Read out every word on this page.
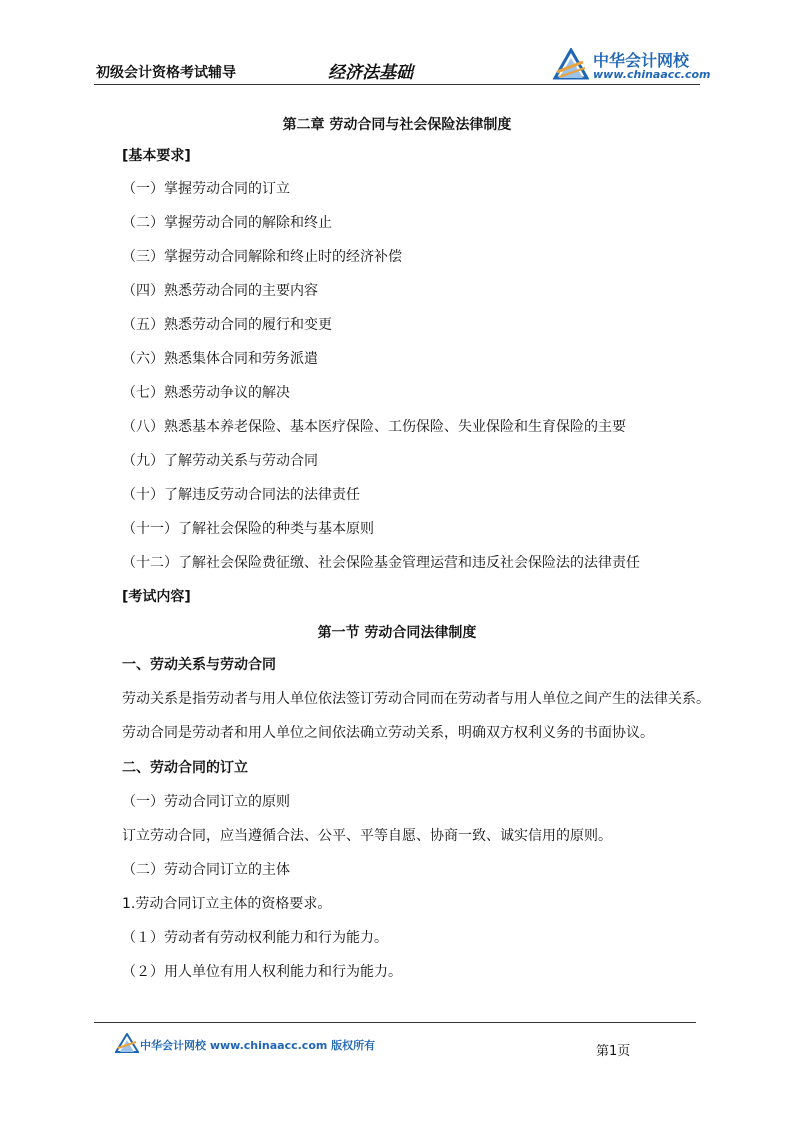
初级会计资格考试辅导	经济法基础
中华会计网校
www.chinaacc.com
第二章 劳动合同与社会保险法律制度
[基本要求]
（一）掌握劳动合同的订立
（二）掌握劳动合同的解除和终止
（三）掌握劳动合同解除和终止时的经济补偿
（四）熟悉劳动合同的主要内容
（五）熟悉劳动合同的履行和变更
（六）熟悉集体合同和劳务派遣
（七）熟悉劳动争议的解决
（八）熟悉基本养老保险、基本医疗保险、工伤保险、失业保险和生育保险的主要
（九）了解劳动关系与劳动合同
（十）了解违反劳动合同法的法律责任
（十一）了解社会保险的种类与基本原则
（十二）了解社会保险费征缴、社会保险基金管理运营和违反社会保险法的法律责任
[考试内容]
第一节 劳动合同法律制度
一、劳动关系与劳动合同
劳动关系是指劳动者与用人单位依法签订劳动合同而在劳动者与用人单位之间产生的法律关系。
劳动合同是劳动者和用人单位之间依法确立劳动关系，明确双方权利义务的书面协议。
二、劳动合同的订立
（一）劳动合同订立的原则
订立劳动合同，应当遵循合法、公平、平等自愿、协商一致、诚实信用的原则。
（二）劳动合同订立的主体
1.劳动合同订立主体的资格要求。
（１）劳动者有劳动权利能力和行为能力。
（２）用人单位有用人权利能力和行为能力。
中华会计网校 www.chinaacc.com 版权所有	第1页
